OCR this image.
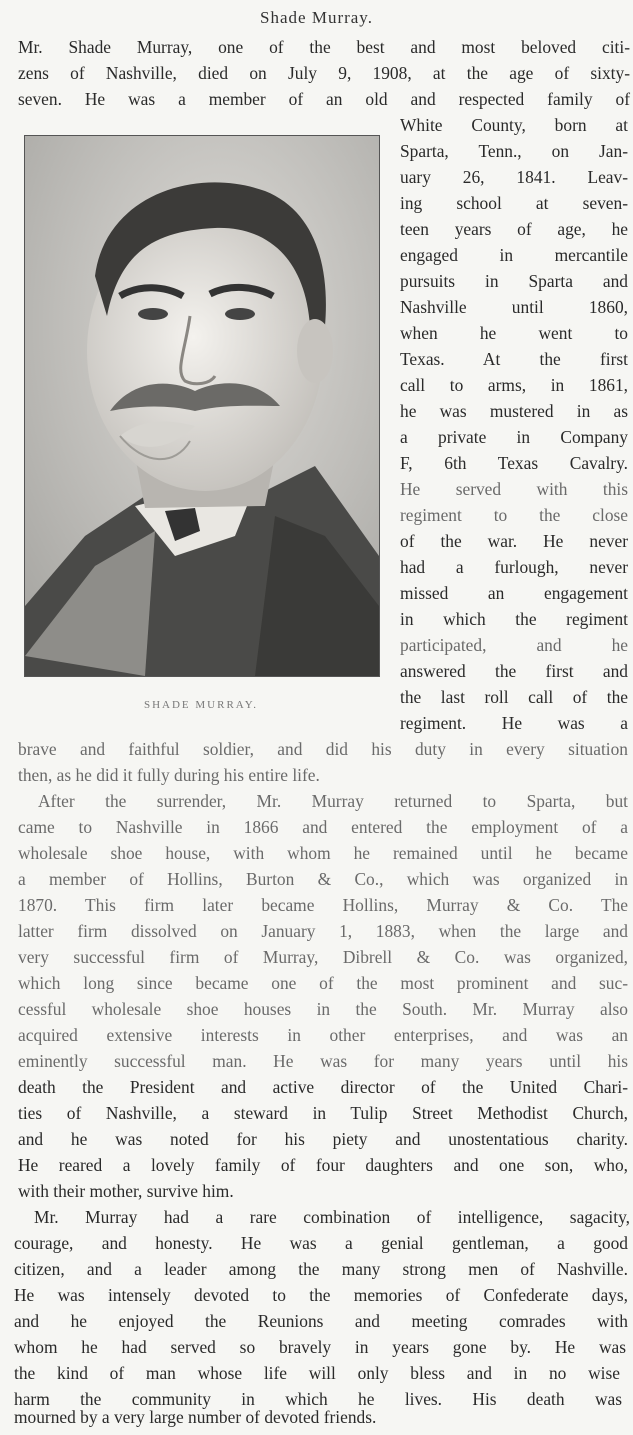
Shade Murray.
SHADE MURRAY.

Mr. Shade Murray, one of the best and most beloved citi-

zens of Nashville, died on July 9, 1908, at the age of sixty-

seven. He was a member of an old and respected family of

White County, born at

Sparta, Tenn., on Jan-

uary 26, 1841. Leav-

ing school at seven-

teen years of age, he

engaged in mercantile

pursuits in Sparta and

Nashville until 1860,

when he went to

Texas. At the first

call to arms, in 1861,

he was mustered in as

a private in Company

F, 6th Texas Cavalry.

He served with this

regiment to the close

of the war. He never

had a furlough, never

missed an engagement

in which the regiment

participated, and he

answered the first and

the last roll call of the

regiment. He was a

brave and faithful soldier, and did his duty in every situation

then, as he did it fully during his entire life.

After the surrender, Mr. Murray returned to Sparta, but

came to Nashville in 1866 and entered the employment of a

wholesale shoe house, with whom he remained until he became

a member of Hollins, Burton & Co., which was organized in

1870. This firm later became Hollins, Murray & Co. The

latter firm dissolved on January 1, 1883, when the large and

very successful firm of Murray, Dibrell & Co. was organized,

which long since became one of the most prominent and suc-

cessful wholesale shoe houses in the South. Mr. Murray also

acquired extensive interests in other enterprises, and was an

eminently successful man. He was for many years until his

death the President and active director of the United Chari-

ties of Nashville, a steward in Tulip Street Methodist Church,

and he was noted for his piety and unostentatious charity.

He reared a lovely family of four daughters and one son, who,

with their mother, survive him.

Mr. Murray had a rare combination of intelligence, sagacity,

courage, and honesty. He was a genial gentleman, a good

citizen, and a leader among the many strong men of Nashville.

He was intensely devoted to the memories of Confederate days,

and he enjoyed the Reunions and meeting comrades with

whom he had served so bravely in years gone by. He was

the kind of man whose life will only bless and in no wise

harm the community in which he lives. His death was

mourned by a very large number of devoted friends.
